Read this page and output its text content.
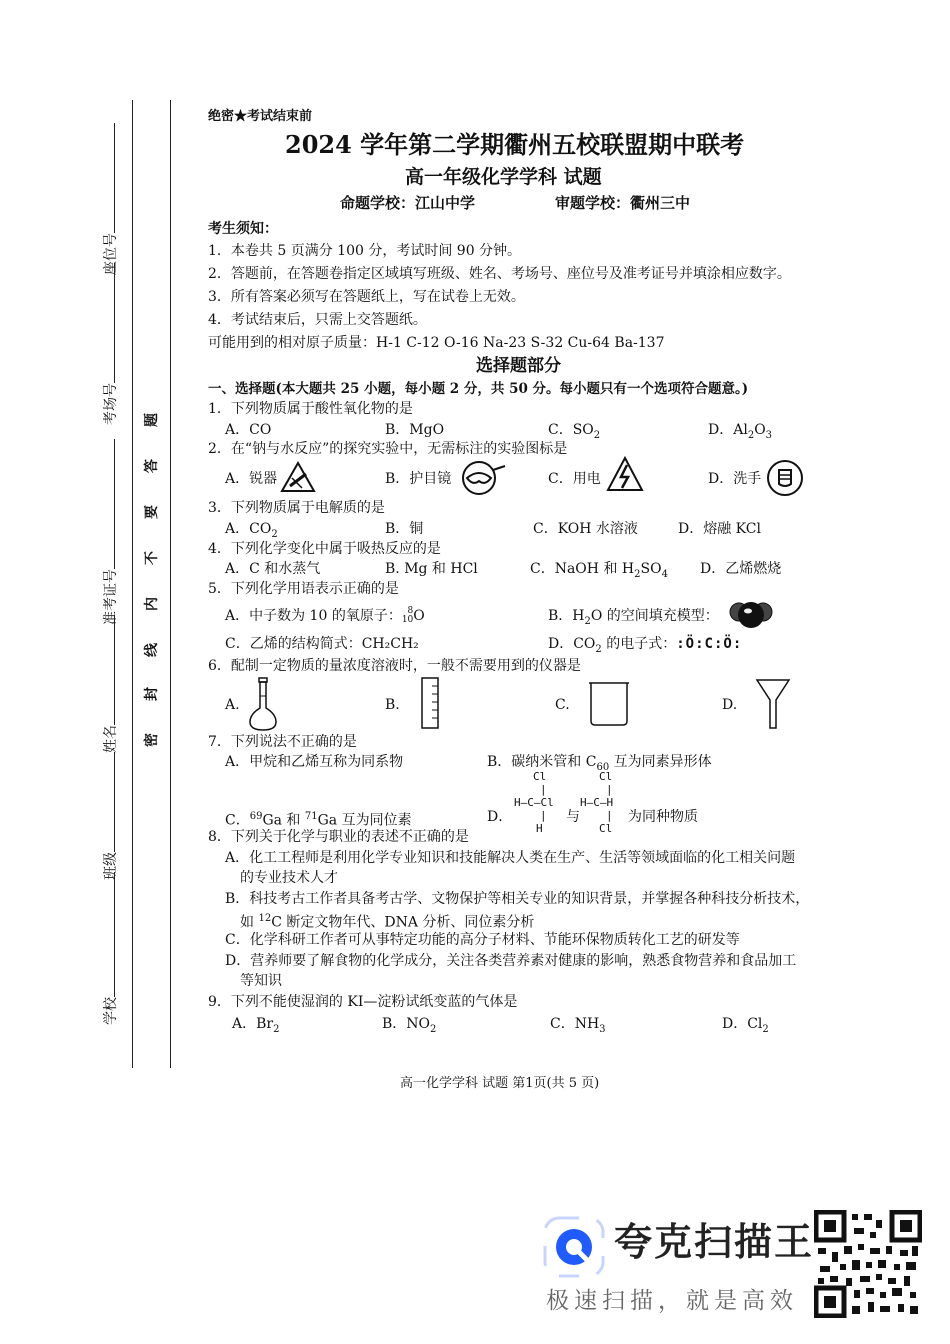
座位号
考场号
准考证号
姓名
班级
学校
密
封
线
内
不
要
答
题
绝密★考试结束前
2024 学年第二学期衢州五校联盟期中联考
高一年级化学学科 试题
命题学校：江山中学	审题学校：衢州三中
考生须知：
1．本卷共 5 页满分 100 分，考试时间 90 分钟。
2．答题前，在答题卷指定区域填写班级、姓名、考场号、座位号及准考证号并填涂相应数字。
3．所有答案必须写在答题纸上，写在试卷上无效。
4．考试结束后，只需上交答题纸。
可能用到的相对原子质量：H-1 C-12 O-16 Na-23 S-32 Cu-64 Ba-137
选择题部分
一、选择题(本大题共 25 小题，每小题 2 分，共 50 分。每小题只有一个选项符合题意。)
1．下列物质属于酸性氧化物的是
A．CO	B．MgO	C．$SO_2$	D．$Al_2O_3$
2．在“钠与水反应”的探究实验中，无需标注的实验图标是
A．锐器	B．护目镜	C．用电	D．洗手
3．下列物质属于电解质的是
A．$CO_2$	B．铜	C．KOH 水溶液	D．熔融 KCl
4．下列化学变化中属于吸热反应的是
A．C 和水蒸气	B. Mg 和 HCl	C．NaOH 和 $H_2SO_4$ D．乙烯燃烧
5．下列化学用语表示正确的是
A．中子数为 10 的氧原子： 8
10O	B．$H_2O$ 的空间填充模型：
C．乙烯的结构简式：CH₂CH₂	D．$CO_2$ 的电子式：:Ö:C:Ö:
6．配制一定物质的量浓度溶液时，一般不需要用到的仪器是
A.	B.	C.	D.
7．下列说法不正确的是
A．甲烷和乙烯互称为同系物	B．碳纳米管和 $C_{60}$ 互为同素异形体
C．$^{69}$Ga 和 $^{71}$Ga 互为同位素	D．
Cl
|
H—C—Cl
|
H
与
Cl
|
H—C—H
|
Cl
为同种物质
8．下列关于化学与职业的表述不正确的是
A．化工工程师是利用化学专业知识和技能解决人类在生产、生活等领域面临的化工相关问题
的专业技术人才
B．科技考古工作者具备考古学、文物保护等相关专业的知识背景，并掌握各种科技分析技术，
如 $^{12}$C 断定文物年代、DNA 分析、同位素分析
C．化学科研工作者可从事特定功能的高分子材料、节能环保物质转化工艺的研发等
D．营养师要了解食物的化学成分，关注各类营养素对健康的影响，熟悉食物营养和食品加工
等知识
9．下列不能使湿润的 KI—淀粉试纸变蓝的气体是
A．$Br_2$	B．$NO_2$	C．$NH_3$	D．$Cl_2$
高一化学学科 试题 第1页(共 5 页)
夸克扫描王
极速扫描，就是高效
